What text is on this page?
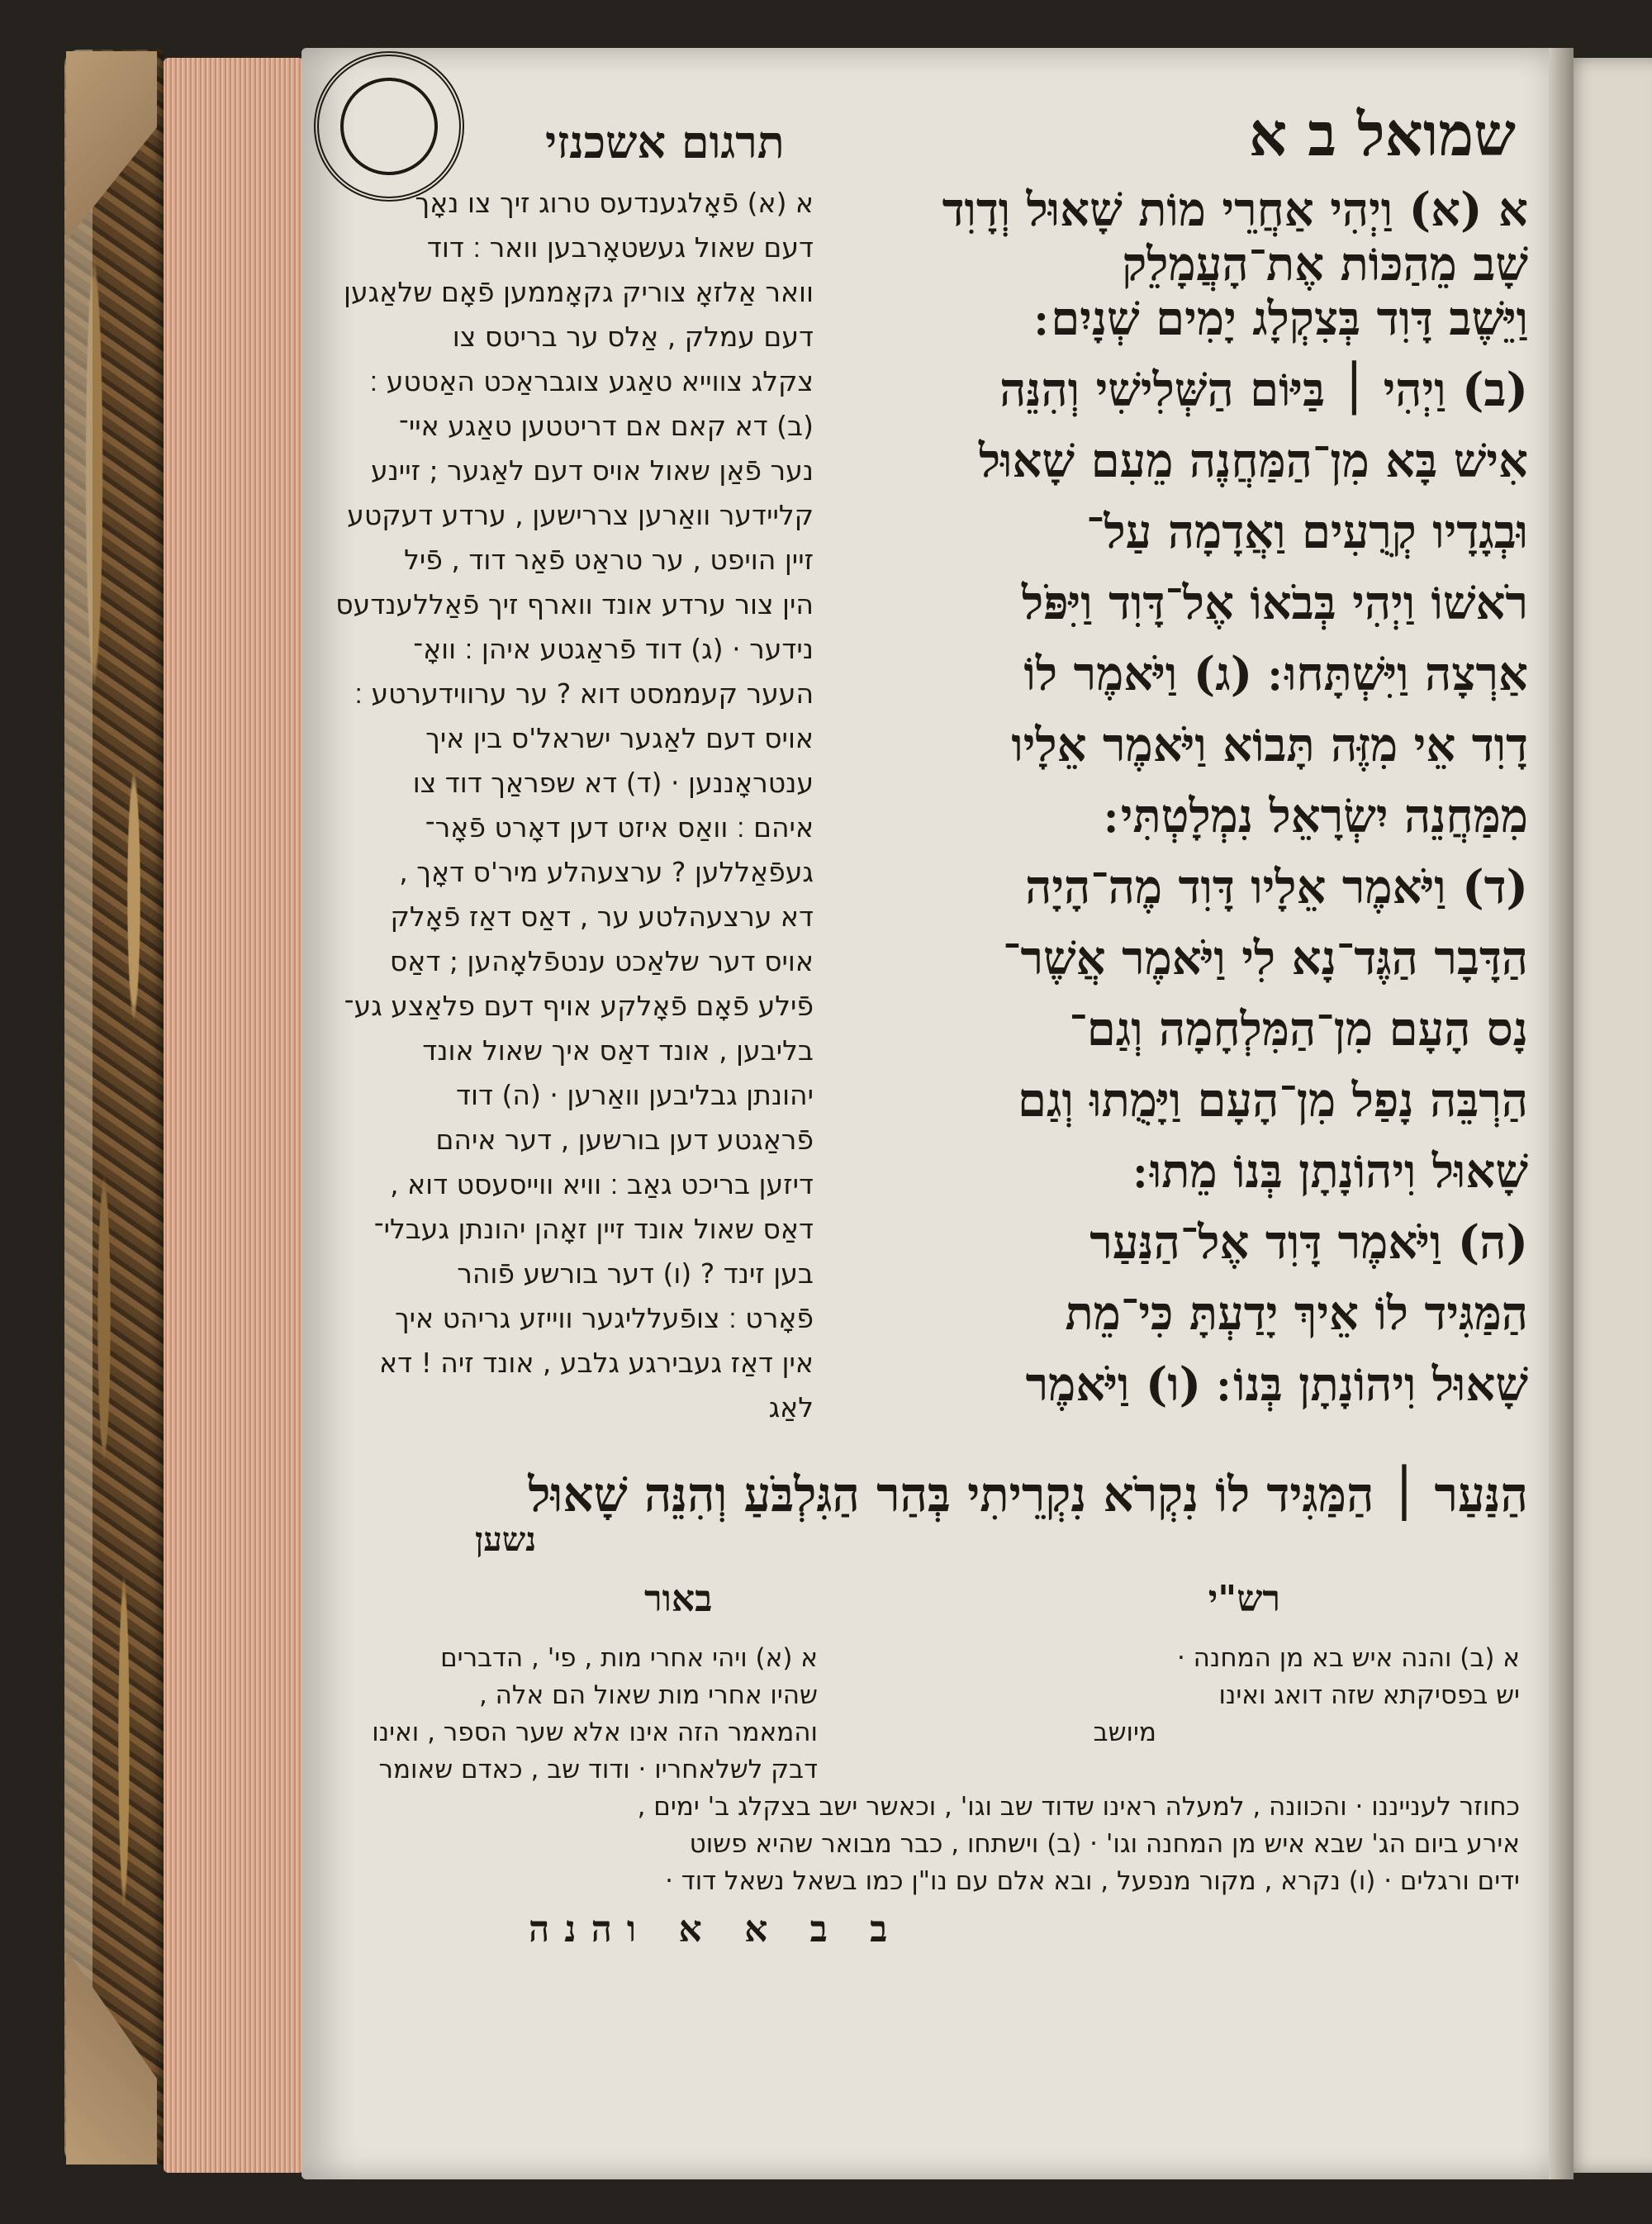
שמואל ב א
תרגום אשכנזי
א (א) וַיְהִי אַחֲרֵי מוֹת שָׁאוּל וְדָוִד
שָׁב מֵהַכּוֹת אֶת־הָעֲמָלֵק
וַיֵּשֶׁב דָּוִד בְּצִקְלָג יָמִים שְׁנָיִם ׃
(ב) וַיְהִי ׀ בַּיּוֹם הַשְּׁלִישִׁי וְהִנֵּה
אִישׁ בָּא מִן־הַמַּחֲנֶה מֵעִם שָׁאוּל
וּבְגָדָיו קְרֻעִים וַאֲדָמָה עַל־
רֹאשׁוֹ וַיְהִי בְּבֹאוֹ אֶל־דָּוִד וַיִּפֹּל
אַרְצָה וַיִּשְׁתָּחוּ ׃ (ג) וַיֹּאמֶר לוֹ
דָוִד אֵי מִזֶּה תָּבוֹא וַיֹּאמֶר אֵלָיו
מִמַּחֲנֵה יִשְׂרָאֵל נִמְלָטְתִּי ׃
(ד) וַיֹּאמֶר אֵלָיו דָּוִד מֶה־הָיָה
הַדָּבָר הַגֶּד־נָא לִי וַיֹּאמֶר אֲשֶׁר־
נָס הָעָם מִן־הַמִּלְחָמָה וְגַם־
הַרְבֵּה נָפַל מִן־הָעָם וַיָּמֻתוּ וְגַם
שָׁאוּל וִיהוֹנָתָן בְּנוֹ מֵתוּ ׃
(ה) וַיֹּאמֶר דָּוִד אֶל־הַנַּעַר
הַמַּגִּיד לוֹ אֵיךְ יָדַעְתָּ כִּי־מֵת
שָׁאוּל וִיהוֹנָתָן בְּנוֹ ׃ (ו) וַיֹּאמֶר
א (א) פֿאָלגענדעס טרוג זיך צו נאָך
דעם שאול געשטאָרבען וואר ׃ דוד
וואר אַלזאָ צוריק גקאָממען פֿאָם שלאַגען
דעם עמלק , אַלס ער בריטס צו
צקלג צווייא טאַגע צוגבראַכט האַטטע ׃
(ב) דא קאם אם דריטטען טאַגע איי־
נער פֿאַן שאול אויס דעם לאַגער ; זיינע
קליידער וואַרען צררישען , ערדע דעקטע
זיין הויפט , ער טראַט פֿאַר דוד , פֿיל
הין צור ערדע אונד ווארף זיך פֿאַללענדעס
נידער · (ג) דוד פֿראַגטע איהן ׃ וואָ־
העער קעממסט דוא ? ער ערווידערטע ׃
אויס דעם לאַגער ישראל'ס בין איך
ענטראָננען · (ד) דא שפראַך דוד צו
איהם ׃ וואַס איזט דען דאָרט פֿאָר־
געפֿאַללען ? ערצעהלע מיר'ס דאָך ,
דא ערצעהלטע ער , דאַס דאַז פֿאָלק
אויס דער שלאַכט ענטפֿלאָהען ; דאַס
פֿילע פֿאָם פֿאָלקע אויף דעם פלאַצע גע־
בליבען , אונד דאַס איך שאול אונד
יהונתן גבליבען וואַרען · (ה) דוד
פֿראַגטע דען בורשען , דער איהם
דיזען בריכט גאַב ׃ וויא ווייסעסט דוא ,
דאַס שאול אונד זיין זאָהן יהונתן געבלי־
בען זינד ? (ו) דער בורשע פֿוהר
פֿאָרט ׃ צופֿעלליגער ווייזע גריהט איך
אין דאַז געבירגע גלבע , אונד זיה ! דא
לאַג
הַנַּעַר ׀ הַמַּגִּיד לוֹ נִקְרֹא נִקְרֵיתִי בְּהַר הַגִּלְבֹּעַ וְהִנֵּה שָׁאוּל
נשען
רש"י
באור
א (ב) והנה איש בא מן המחנה ·
יש בפסיקתא שזה דואג ואינו
מיושב
א (א) ויהי אחרי מות , פי' , הדברים
שהיו אחרי מות שאול הם אלה ,
והמאמר הזה אינו אלא שער הספר , ואינו
דבק לשלאחריו · ודוד שב , כאדם שאומר
כחוזר לענייננו · והכוונה , למעלה ראינו שדוד שב וגו' , וכאשר ישב בצקלג ב' ימים ,
אירע ביום הג' שבא איש מן המחנה וגו' · (ב) וישתחו , כבר מבואר שהיא פשוט
ידים ורגלים · (ו) נקרא , מקור מנפעל , ובא אלם עם נו"ן כמו בשאל נשאל דוד ·
ב ב א א והנה
